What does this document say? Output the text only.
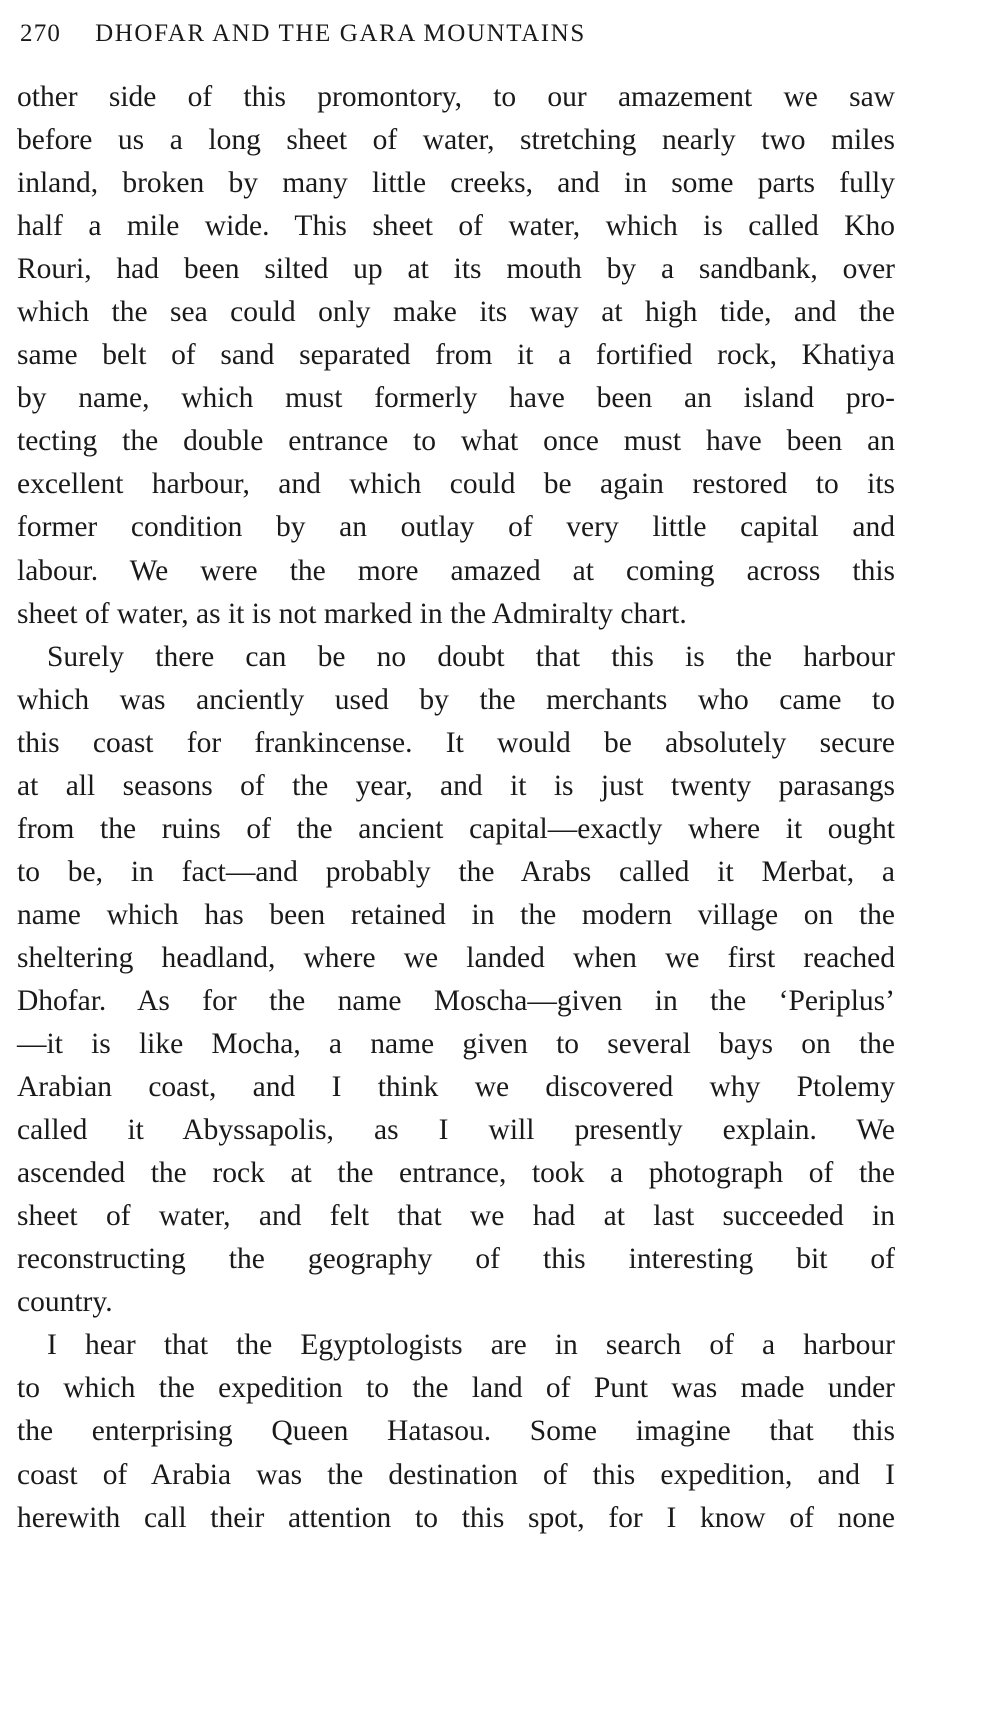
270 DHOFAR AND THE GARA MOUNTAINS
other side of this promontory, to our amazement we saw
before us a long sheet of water, stretching nearly two miles
inland, broken by many little creeks, and in some parts fully
half a mile wide. This sheet of water, which is called Kho
Rouri, had been silted up at its mouth by a sandbank, over
which the sea could only make its way at high tide, and the
same belt of sand separated from it a fortified rock, Khatiya
by name, which must formerly have been an island pro-
tecting the double entrance to what once must have been an
excellent harbour, and which could be again restored to its
former condition by an outlay of very little capital and
labour. We were the more amazed at coming across this
sheet of water, as it is not marked in the Admiralty chart.
Surely there can be no doubt that this is the harbour
which was anciently used by the merchants who came to
this coast for frankincense. It would be absolutely secure
at all seasons of the year, and it is just twenty parasangs
from the ruins of the ancient capital—exactly where it ought
to be, in fact—and probably the Arabs called it Merbat, a
name which has been retained in the modern village on the
sheltering headland, where we landed when we first reached
Dhofar. As for the name Moscha—given in the ‘Periplus’
—it is like Mocha, a name given to several bays on the
Arabian coast, and I think we discovered why Ptolemy
called it Abyssapolis, as I will presently explain. We
ascended the rock at the entrance, took a photograph of the
sheet of water, and felt that we had at last succeeded in
reconstructing the geography of this interesting bit of
country.
I hear that the Egyptologists are in search of a harbour
to which the expedition to the land of Punt was made under
the enterprising Queen Hatasou. Some imagine that this
coast of Arabia was the destination of this expedition, and I
herewith call their attention to this spot, for I know of none
